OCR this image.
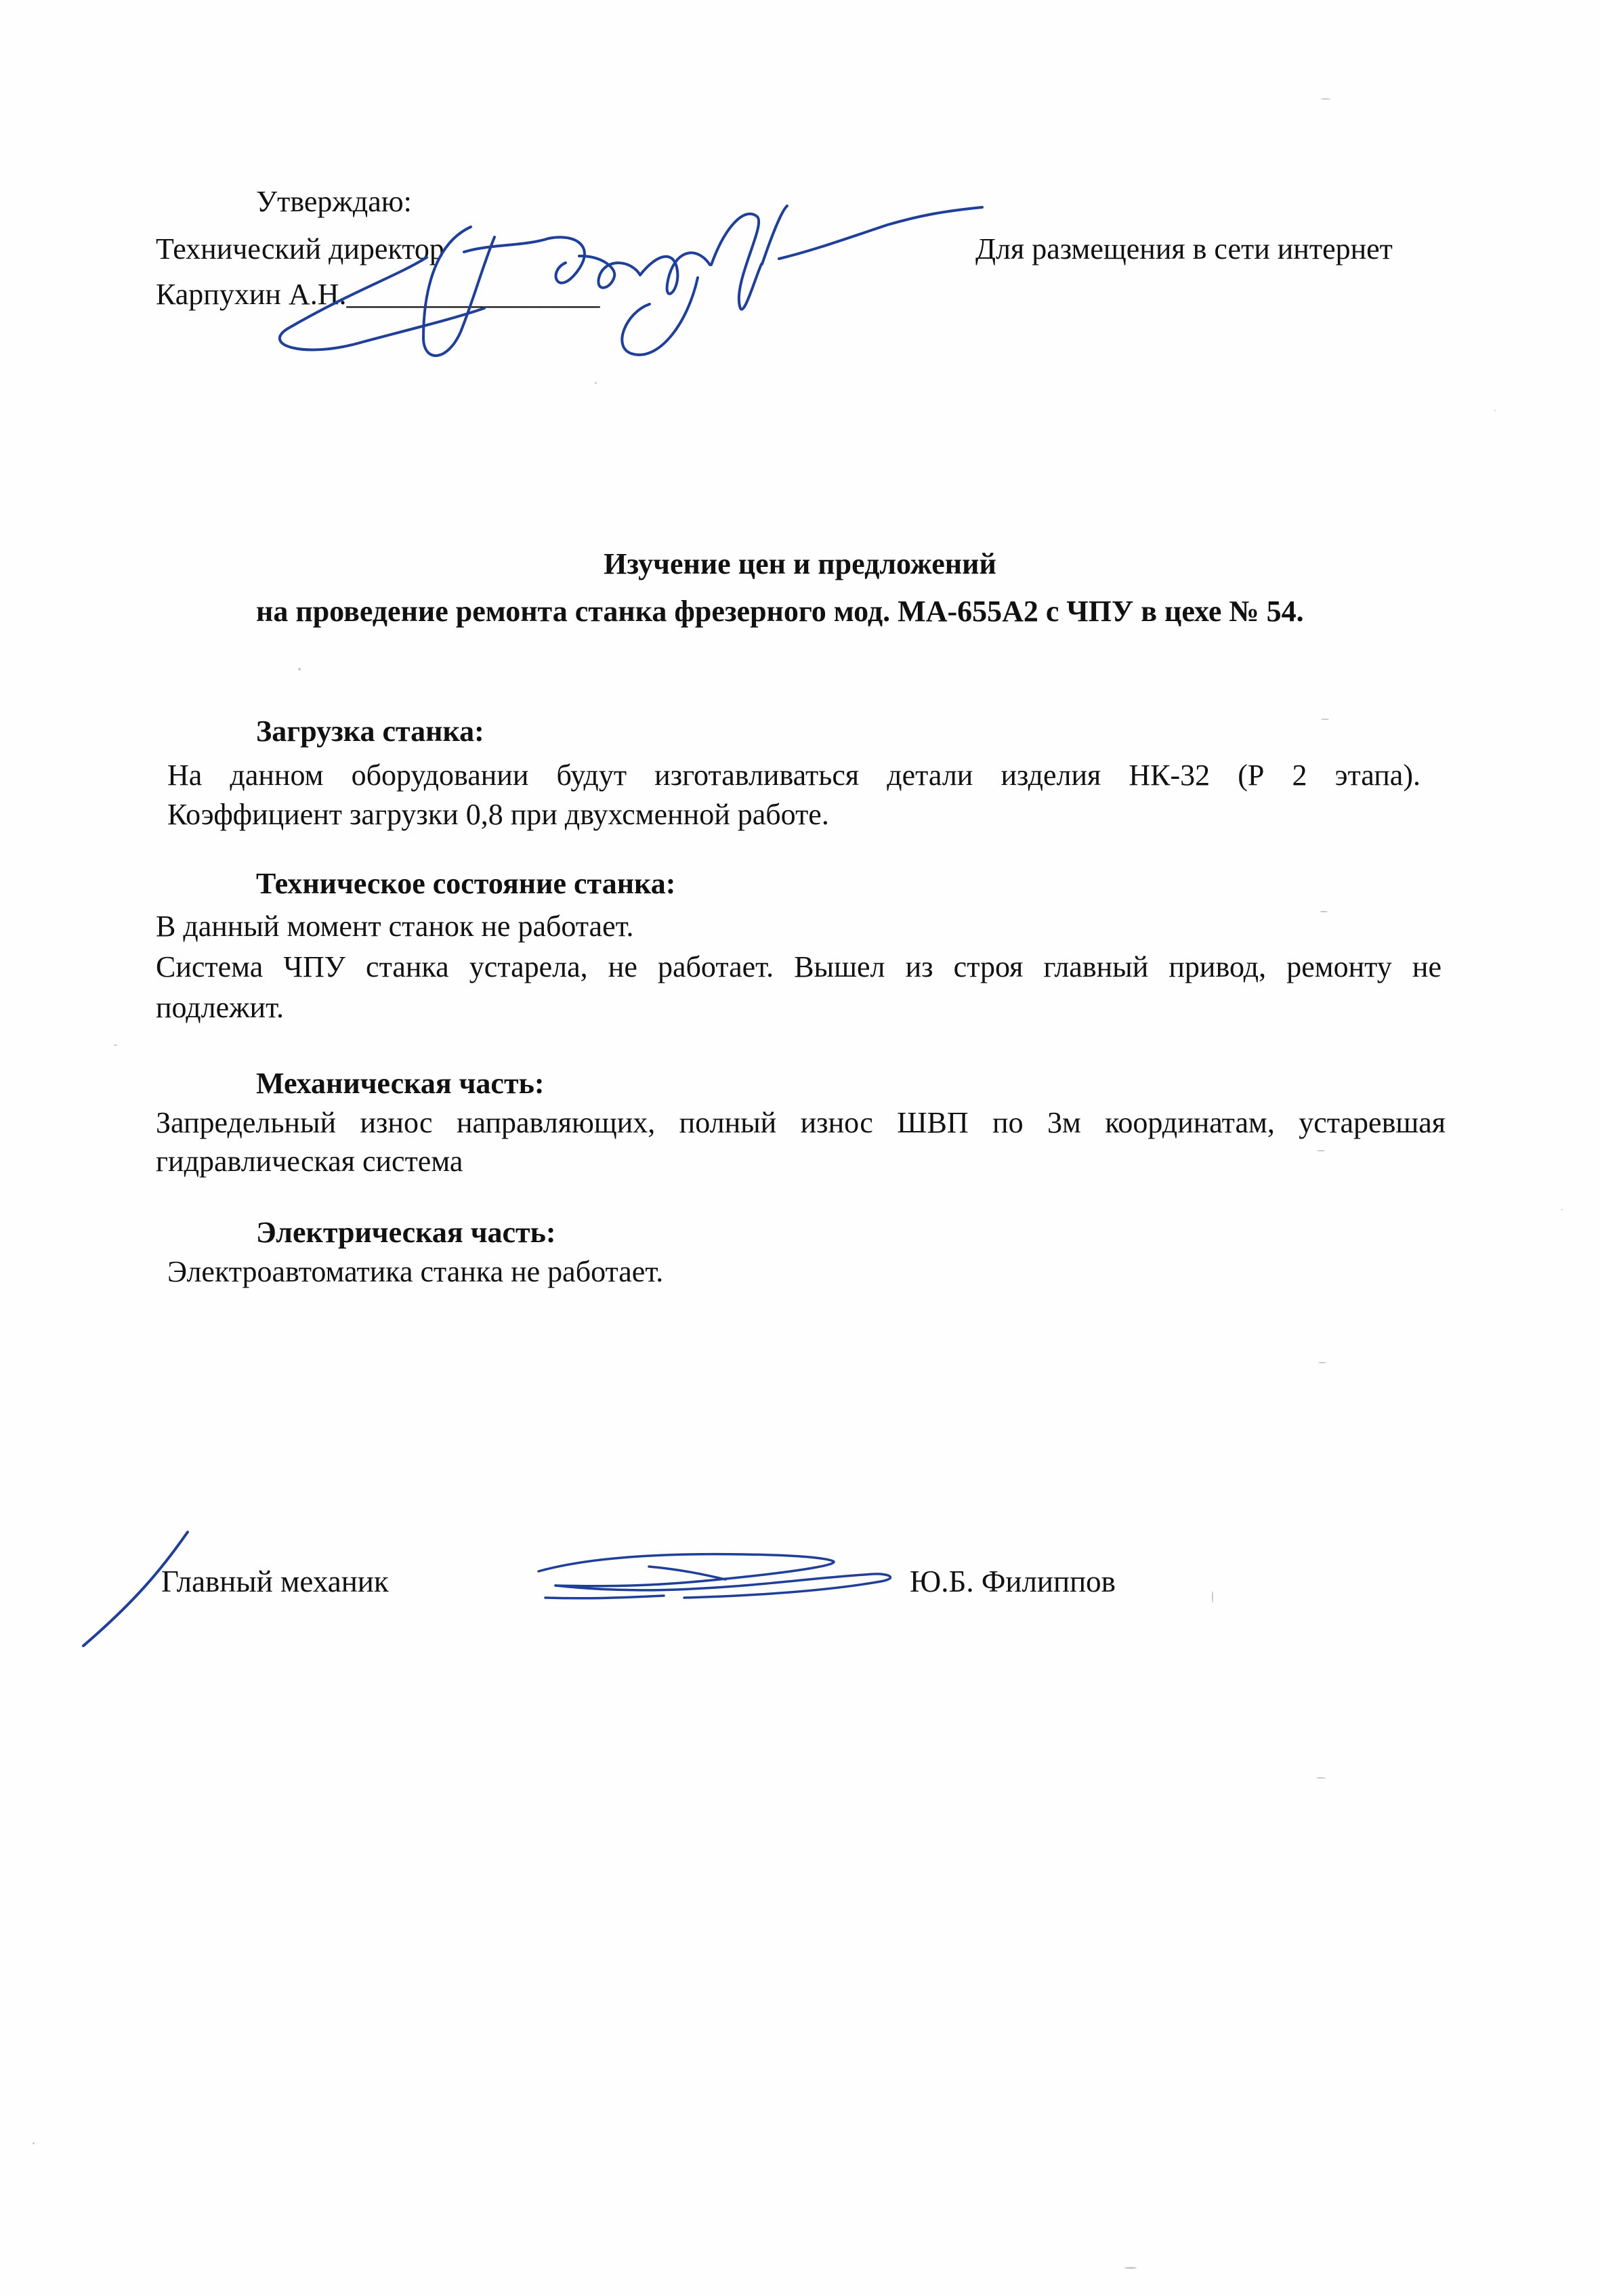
Утверждаю:
Технический директор
Карпухин А.Н._________________
Для размещения в сети интернет
Изучение цен и предложений
на проведение ремонта станка фрезерного мод. МА-655А2 с ЧПУ в цехе № 54.
Загрузка станка:
На данном оборудовании будут изготавливаться детали изделия НК-32 (Р 2 этапа).
Коэффициент загрузки 0,8 при двухсменной работе.
Техническое состояние станка:
В данный момент станок не работает.
Система ЧПУ станка устарела, не работает. Вышел из строя главный привод, ремонту не
подлежит.
Механическая часть:
Запредельный износ направляющих, полный износ ШВП по 3м координатам, устаревшая
гидравлическая система
Электрическая часть:
Электроавтоматика станка не работает.
Главный механик	Ю.Б. Филиппов
